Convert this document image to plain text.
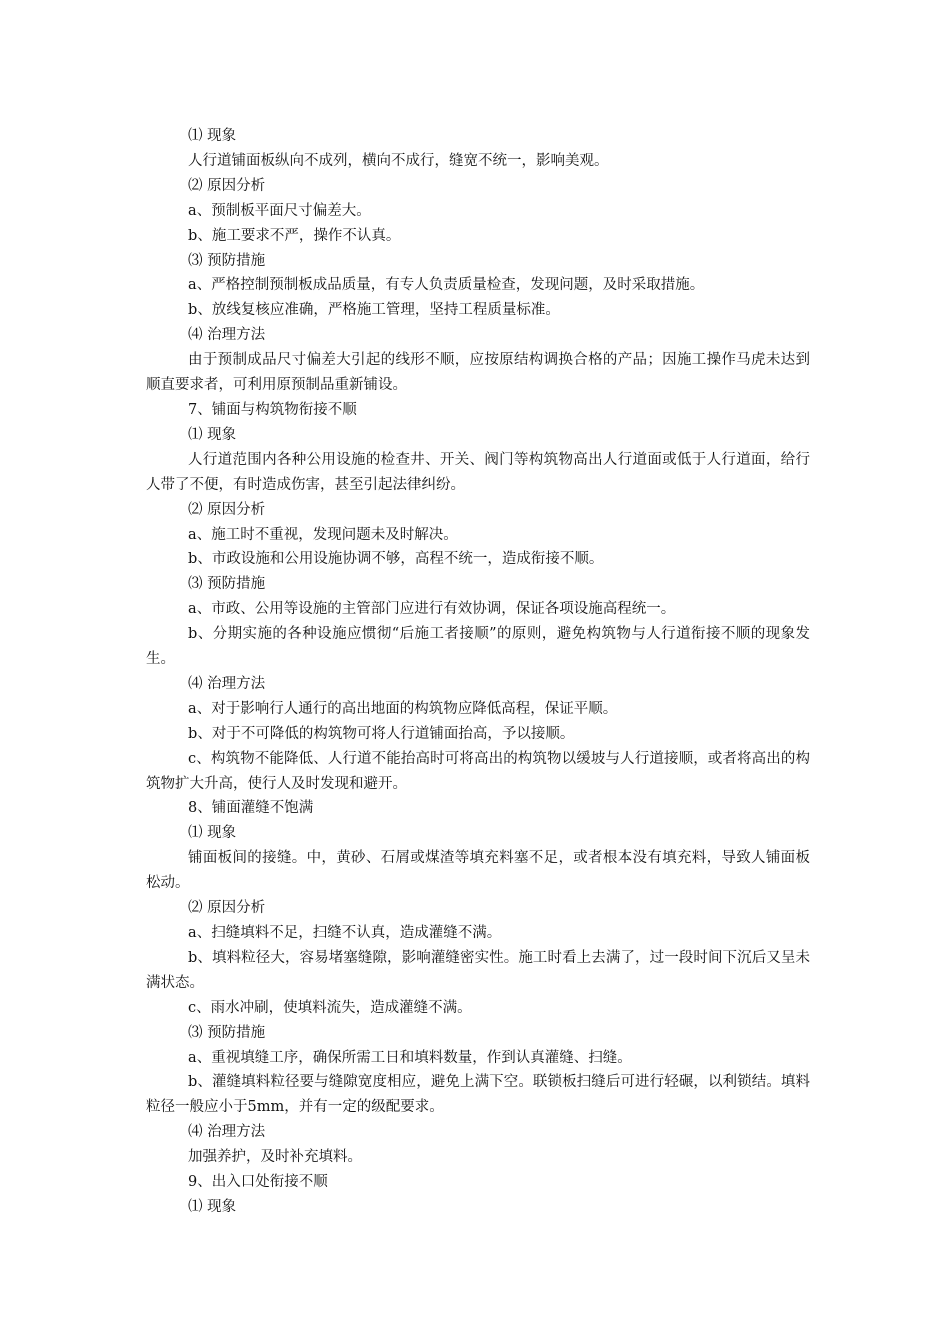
⑴ 现象

人行道铺面板纵向不成列，横向不成行，缝宽不统一，影响美观。

⑵ 原因分析

a、预制板平面尺寸偏差大。

b、施工要求不严，操作不认真。

⑶ 预防措施

a、严格控制预制板成品质量，有专人负责质量检查，发现问题，及时采取措施。

b、放线复核应准确，严格施工管理，坚持工程质量标准。

⑷ 治理方法

由于预制成品尺寸偏差大引起的线形不顺，应按原结构调换合格的产品；因施工操作马虎未达到顺直要求者，可利用原预制品重新铺设。

7、铺面与构筑物衔接不顺

⑴ 现象

人行道范围内各种公用设施的检查井、开关、阀门等构筑物高出人行道面或低于人行道面，给行人带了不便，有时造成伤害，甚至引起法律纠纷。

⑵ 原因分析

a、施工时不重视，发现问题未及时解决。

b、市政设施和公用设施协调不够，高程不统一，造成衔接不顺。

⑶ 预防措施

a、市政、公用等设施的主管部门应进行有效协调，保证各项设施高程统一。

b、分期实施的各种设施应惯彻“后施工者接顺”的原则，避免构筑物与人行道衔接不顺的现象发生。

⑷ 治理方法

a、对于影响行人通行的高出地面的构筑物应降低高程，保证平顺。

b、对于不可降低的构筑物可将人行道铺面抬高，予以接顺。

c、构筑物不能降低、人行道不能抬高时可将高出的构筑物以缓坡与人行道接顺，或者将高出的构筑物扩大升高，使行人及时发现和避开。

8、铺面灌缝不饱满

⑴ 现象

铺面板间的接缝。中，黄砂、石屑或煤渣等填充料塞不足，或者根本没有填充料，导致人铺面板松动。

⑵ 原因分析

a、扫缝填料不足，扫缝不认真，造成灌缝不满。

b、填料粒径大，容易堵塞缝隙，影响灌缝密实性。施工时看上去满了，过一段时间下沉后又呈未满状态。

c、雨水冲刷，使填料流失，造成灌缝不满。

⑶ 预防措施

a、重视填缝工序，确保所需工日和填料数量，作到认真灌缝、扫缝。

b、灌缝填料粒径要与缝隙宽度相应，避免上满下空。联锁板扫缝后可进行轻碾，以利锁结。填料粒径一般应小于5mm，并有一定的级配要求。

⑷ 治理方法

加强养护，及时补充填料。

9、出入口处衔接不顺

⑴ 现象
